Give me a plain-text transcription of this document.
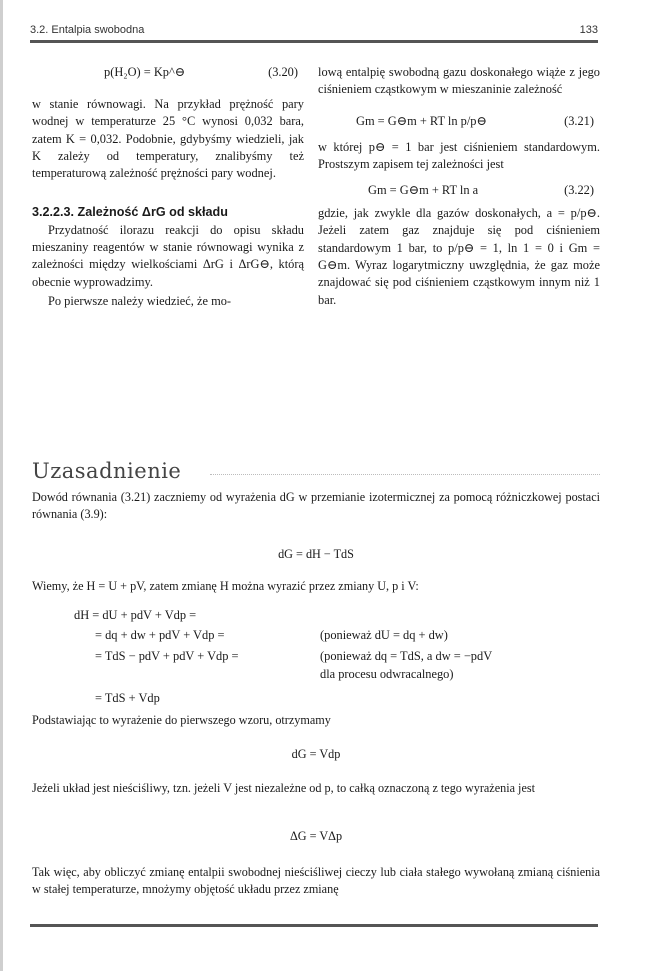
3.2. Entalpia swobodna	133
p(H₂O) = Kp^⊖	(3.20)

w stanie równowagi. Na przykład prężność pary wodnej w temperaturze 25 °C wynosi 0,032 bara, zatem K = 0,032. Podobnie, gdybyśmy wiedzieli, jak K zależy od temperatury, znalibyśmy też temperaturową zależność prężności pary wodnej.

3.2.2.3. Zależność ΔrG od składu

Przydatność ilorazu reakcji do opisu składu mieszaniny reagentów w stanie równowagi wynika z zależności między wielkościami ΔrG i ΔrG⊖, którą obecnie wyprowadzimy.

Po pierwsze należy wiedzieć, że mo-

lową entalpię swobodną gazu doskonałego wiąże z jego ciśnieniem cząstkowym w mieszaninie zależność

Gm = G⊖m + RT ln p/p⊖	(3.21)

w której p⊖ = 1 bar jest ciśnieniem standardowym. Prostszym zapisem tej zależności jest

Gm = G⊖m + RT ln a	(3.22)

gdzie, jak zwykle dla gazów doskonałych, a = p/p⊖. Jeżeli zatem gaz znajduje się pod ciśnieniem standardowym 1 bar, to p/p⊖ = 1, ln 1 = 0 i Gm = G⊖m. Wyraz logarytmiczny uwzględnia, że gaz może znajdować się pod ciśnieniem cząstkowym innym niż 1 bar.

Uzasadnienie
Dowód równania (3.21) zaczniemy od wyrażenia dG w przemianie izotermicznej za pomocą różniczkowej postaci równania (3.9):
dG = dH − TdS
Wiemy, że H = U + pV, zatem zmianę H można wyrazić przez zmiany U, p i V:
dH = dU + pdV + Vdp =
= dq + dw + pdV + Vdp =	(ponieważ dU = dq + dw)
= TdS − pdV + pdV + Vdp =	(ponieważ dq = TdS, a dw = −pdV
dla procesu odwracalnego)
= TdS + Vdp
Podstawiając to wyrażenie do pierwszego wzoru, otrzymamy
dG = Vdp
Jeżeli układ jest nieściśliwy, tzn. jeżeli V jest niezależne od p, to całką oznaczoną z tego wyrażenia jest
ΔG = VΔp
Tak więc, aby obliczyć zmianę entalpii swobodnej nieściśliwej cieczy lub ciała stałego wywołaną zmianą ciśnienia w stałej temperaturze, mnożymy objętość układu przez zmianę
